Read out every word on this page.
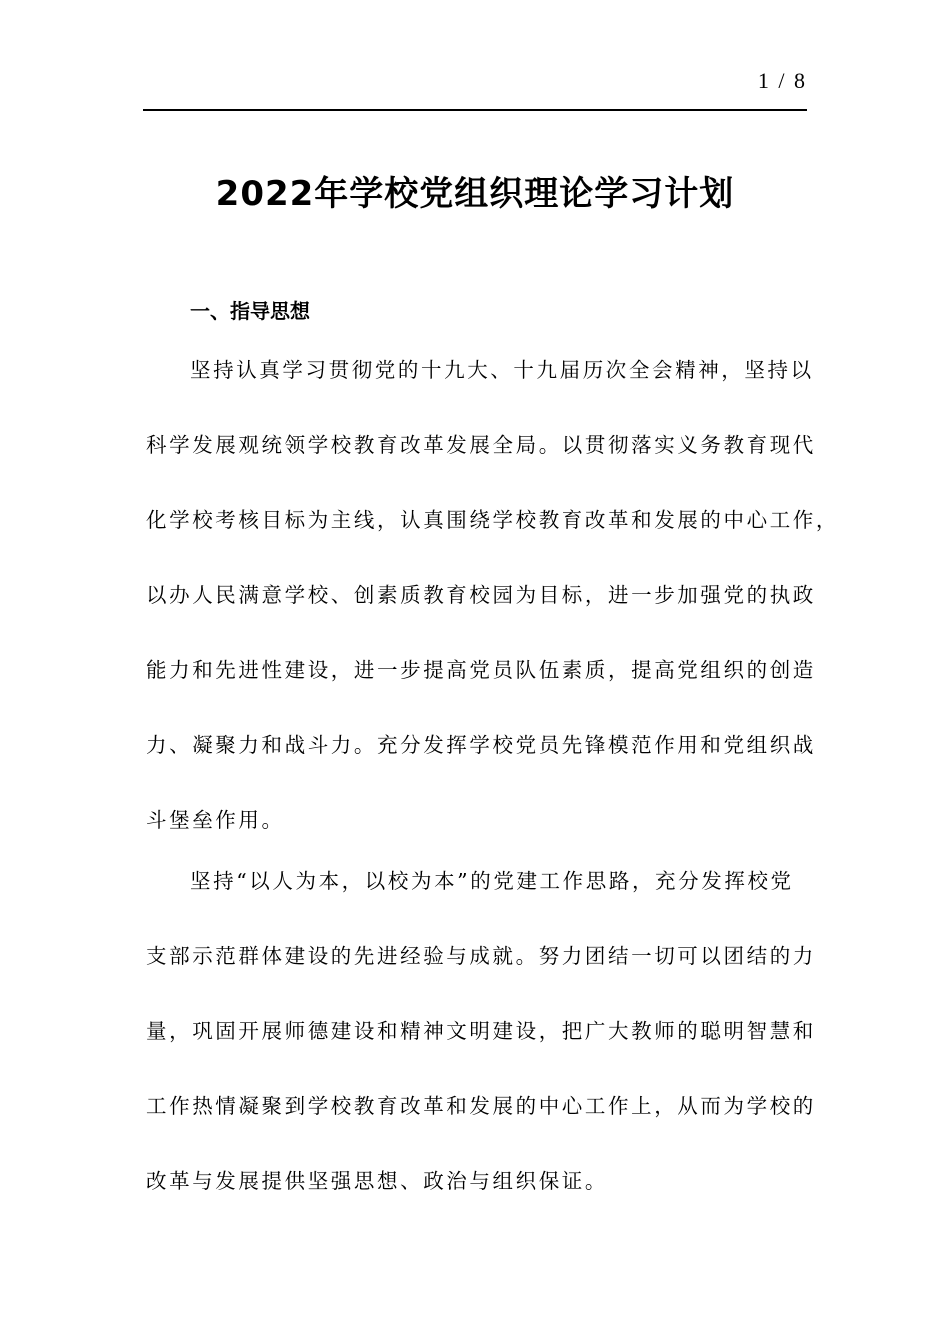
1 / 8
2022年学校党组织理论学习计划
一、指导思想
坚持认真学习贯彻党的十九大、十九届历次全会精神，坚持以
科学发展观统领学校教育改革发展全局。以贯彻落实义务教育现代
化学校考核目标为主线，认真围绕学校教育改革和发展的中心工作，
以办人民满意学校、创素质教育校园为目标，进一步加强党的执政
能力和先进性建设，进一步提高党员队伍素质，提高党组织的创造
力、凝聚力和战斗力。充分发挥学校党员先锋模范作用和党组织战
斗堡垒作用。
坚持“以人为本，以校为本”的党建工作思路，充分发挥校党
支部示范群体建设的先进经验与成就。努力团结一切可以团结的力
量，巩固开展师德建设和精神文明建设，把广大教师的聪明智慧和
工作热情凝聚到学校教育改革和发展的中心工作上，从而为学校的
改革与发展提供坚强思想、政治与组织保证。
